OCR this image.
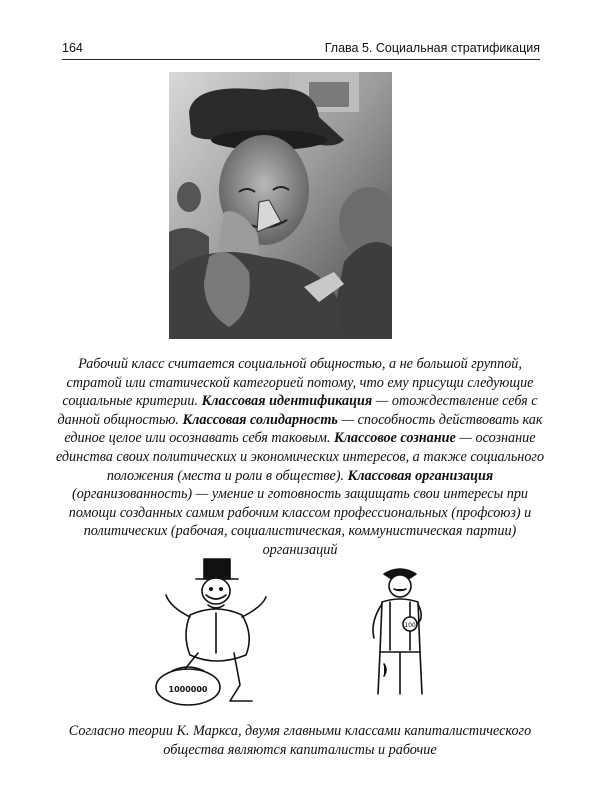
164	Глава 5. Социальная стратификация
Рабочий класс считается социальной общностью, а не большой группой, стратой или статической категорией потому, что ему присущи следующие социальные критерии. Классовая идентификация — отождествление себя с данной общностью. Классовая солидарность — способность действовать как единое целое или осознавать себя таковым. Классовое сознание — осознание единства своих политических и экономических интересов, а также социального положения (места и роли в обществе). Классовая организация (организованность) — умение и готовность защищать свои интересы при помощи созданных самим рабочим классом профессиональных (профсоюз) и политических (рабочая, социалистическая, коммунистическая партии) организаций
1000000
100
Согласно теории К. Маркса, двумя главными классами капиталистического общества являются капиталисты и рабочие
